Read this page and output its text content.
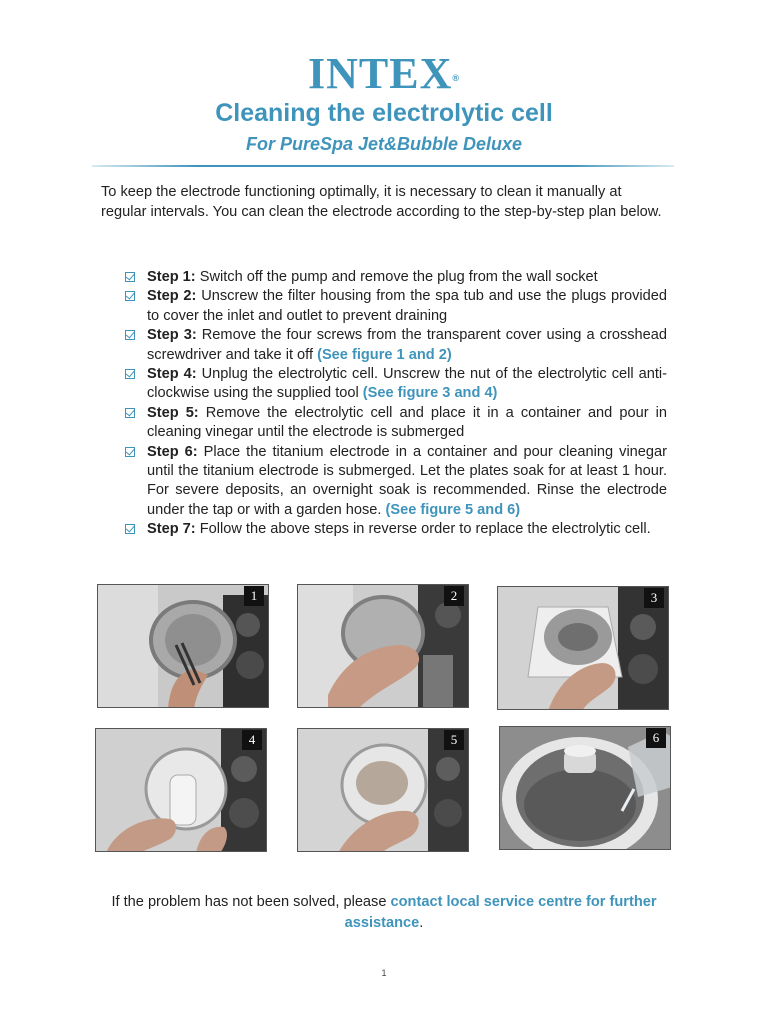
INTEX®
Cleaning the electrolytic cell
For PureSpa Jet&Bubble Deluxe
To keep the electrode functioning optimally, it is necessary to clean it manually at regular intervals. You can clean the electrode according to the step-by-step plan below.
Step 1: Switch off the pump and remove the plug from the wall socket
Step 2: Unscrew the filter housing from the spa tub and use the plugs provided to cover the inlet and outlet to prevent draining
Step 3: Remove the four screws from the transparent cover using a crosshead screwdriver and take it off (See figure 1 and 2)
Step 4: Unplug the electrolytic cell. Unscrew the nut of the electrolytic cell anti-clockwise using the supplied tool (See figure 3 and 4)
Step 5: Remove the electrolytic cell and place it in a container and pour in cleaning vinegar until the electrode is submerged
Step 6: Place the titanium electrode in a container and pour cleaning vinegar until the titanium electrode is submerged. Let the plates soak for at least 1 hour. For severe deposits, an overnight soak is recommended. Rinse the electrode under the tap or with a garden hose. (See figure 5 and 6)
Step 7: Follow the above steps in reverse order to replace the electrolytic cell.
1	2	3
4	5	6
If the problem has not been solved, please contact local service centre for further assistance.
1
